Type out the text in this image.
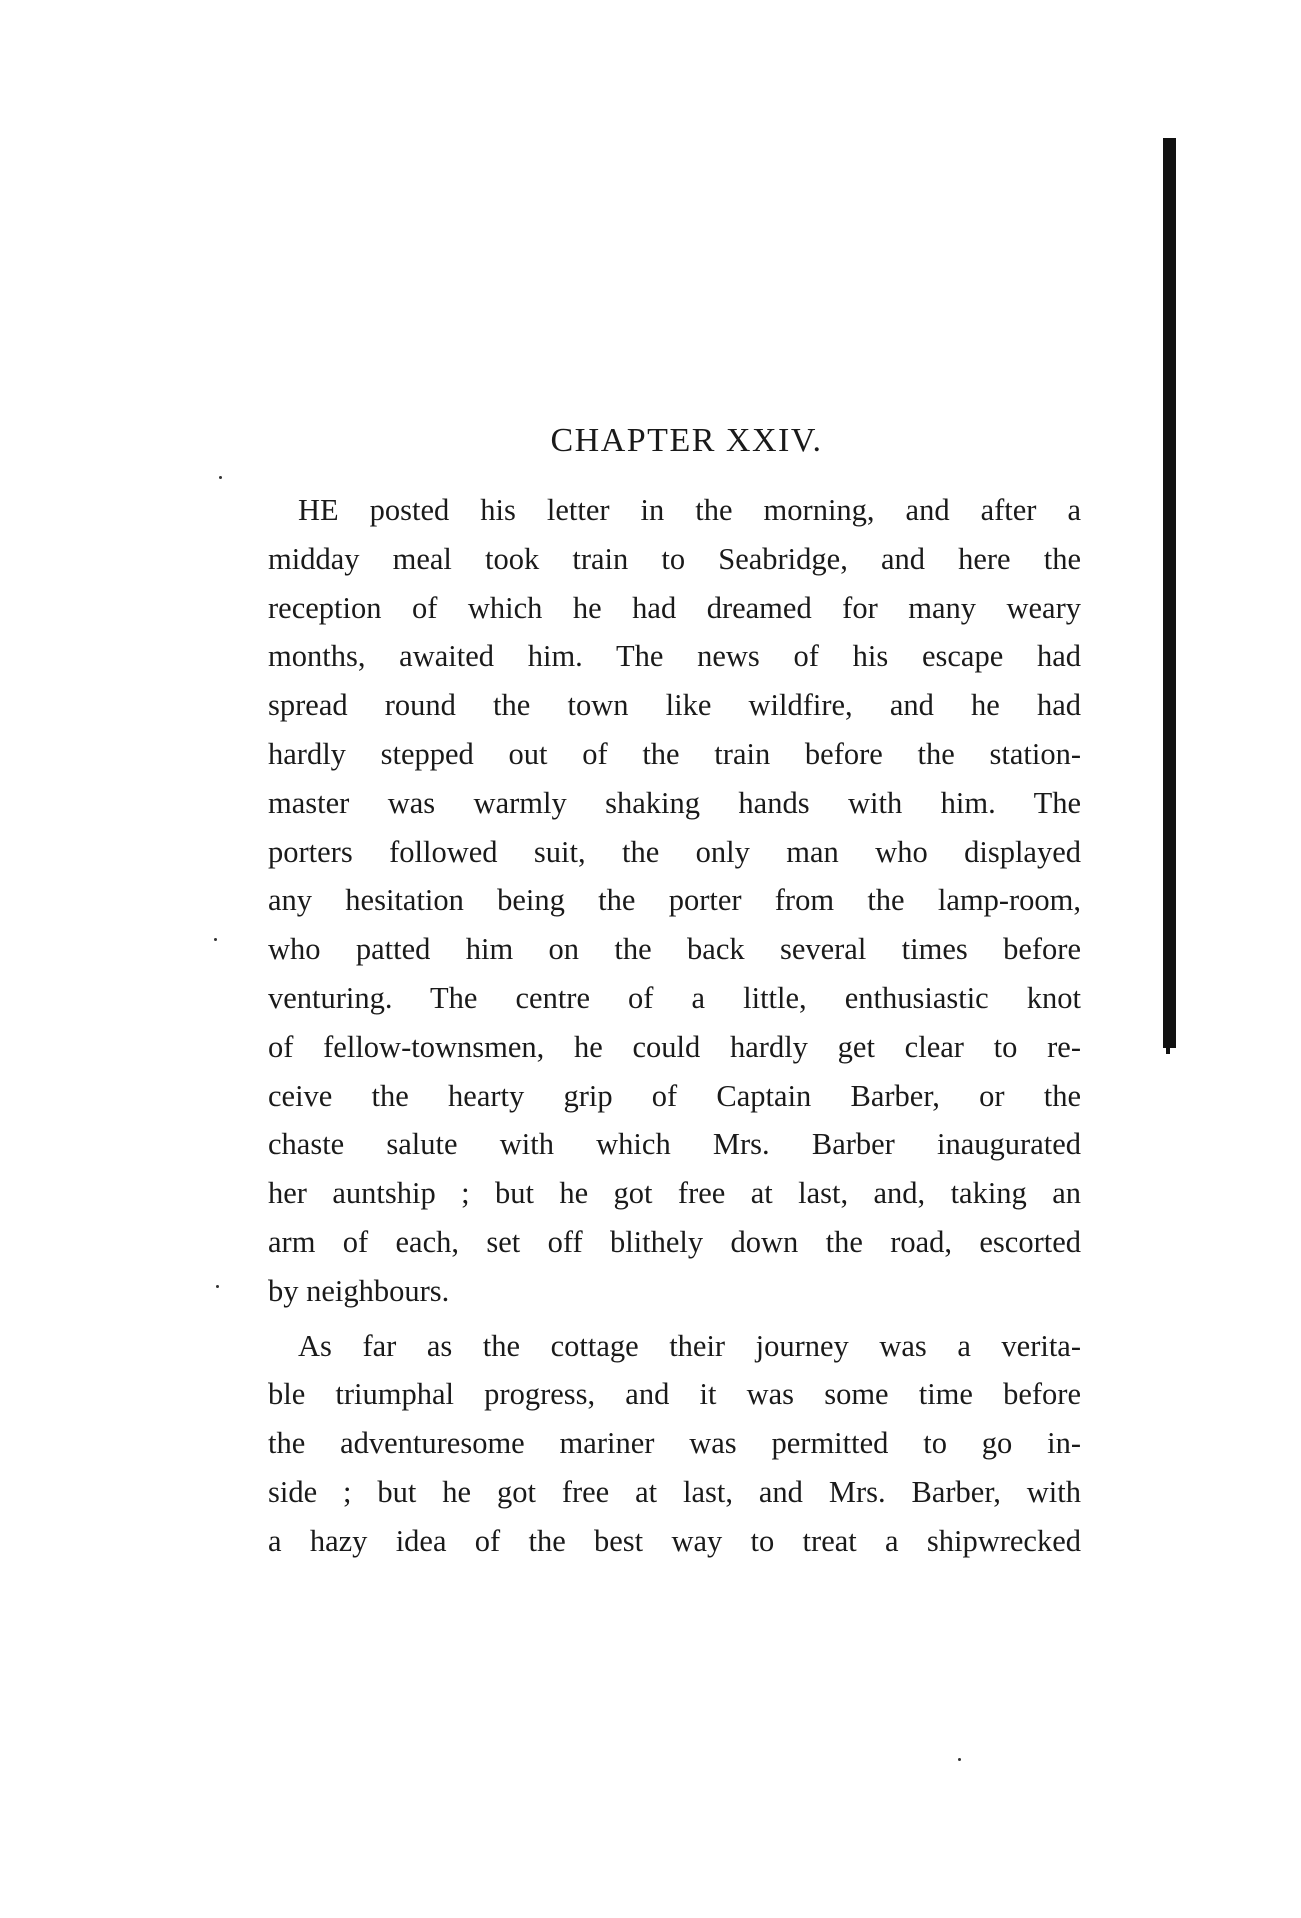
CHAPTER XXIV.
HE posted his letter in the morning, and after a
midday meal took train to Seabridge, and here the
reception of which he had dreamed for many weary
months, awaited him. The news of his escape had
spread round the town like wildfire, and he had
hardly stepped out of the train before the station-
master was warmly shaking hands with him. The
porters followed suit, the only man who displayed
any hesitation being the porter from the lamp-room,
who patted him on the back several times before
venturing. The centre of a little, enthusiastic knot
of fellow-townsmen, he could hardly get clear to re-
ceive the hearty grip of Captain Barber, or the
chaste salute with which Mrs. Barber inaugurated
her auntship ; but he got free at last, and, taking an
arm of each, set off blithely down the road, escorted
by neighbours.
As far as the cottage their journey was a verita-
ble triumphal progress, and it was some time before
the adventuresome mariner was permitted to go in-
side ; but he got free at last, and Mrs. Barber, with
a hazy idea of the best way to treat a shipwrecked
